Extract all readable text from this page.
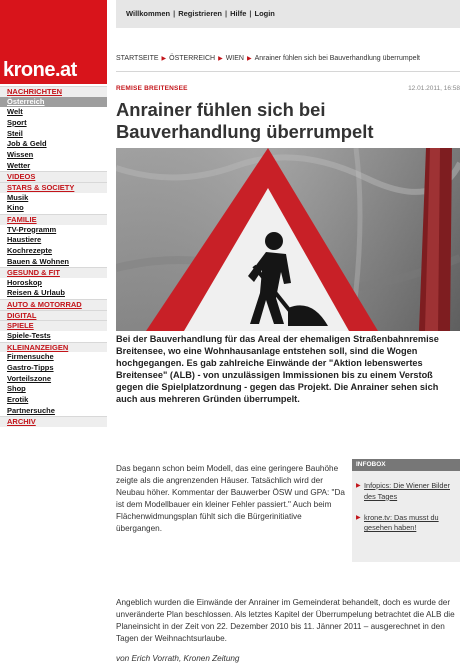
krone.at
NACHRICHTEN
Österreich
Welt
Sport
Steil
Job & Geld
Wissen
Wetter
VIDEOS
STARS & SOCIETY
Musik
Kino
FAMILIE
TV-Programm
Haustiere
Kochrezepte
Bauen & Wohnen
GESUND & FIT
Horoskop
Reisen & Urlaub
AUTO & MOTORRAD
DIGITAL
SPIELE
Spiele-Tests
KLEINANZEIGEN
Firmensuche
Gastro-Tipps
Vorteilszone
Shop
Erotik
Partnersuche
ARCHIV
Willkommen | Registrieren | Hilfe | Login
STARTSEITE ▶ ÖSTERREICH ▶ WIEN ▶ Anrainer fühlen sich bei Bauverhandlung überrumpelt
REMISE BREITENSEE	12.01.2011, 16:58
Anrainer fühlen sich bei Bauverhandlung überrumpelt

Bei der Bauverhandlung für das Areal der ehemaligen Straßenbahnremise Breitensee, wo eine Wohnhausanlage entstehen soll, sind die Wogen hochgegangen. Es gab zahlreiche Einwände der "Aktion lebenswertes Breitensee" (ALB) - von unzulässigen Immissionen bis zu einem Verstoß gegen die Spielplatzordnung - gegen das Projekt. Die Anrainer sehen sich auch aus mehreren Gründen überrumpelt.

Das begann schon beim Modell, das eine geringere Bauhöhe zeigte als die angrenzenden Häuser. Tatsächlich wird der Neubau höher. Kommentar der Bauwerber ÖSW und GPA: "Da ist dem Modellbauer ein kleiner Fehler passiert." Auch beim Flächenwidmungsplan fühlt sich die Bürgerinitiative übergangen.

Angeblich wurden die Einwände der Anrainer im Gemeinderat behandelt, doch es wurde der unveränderte Plan beschlossen. Als letztes Kapitel der Überrumpelung betrachtet die ALB die Planeinsicht in der Zeit von 22. Dezember 2010 bis 11. Jänner 2011 – ausgerechnet in den Tagen der Weihnachtsurlaube.

von Erich Vorrath, Kronen Zeitung

INFOBOX
▶ Infopics: Die Wiener Bilder des Tages
▶ krone.tv: Das musst du gesehen haben!
